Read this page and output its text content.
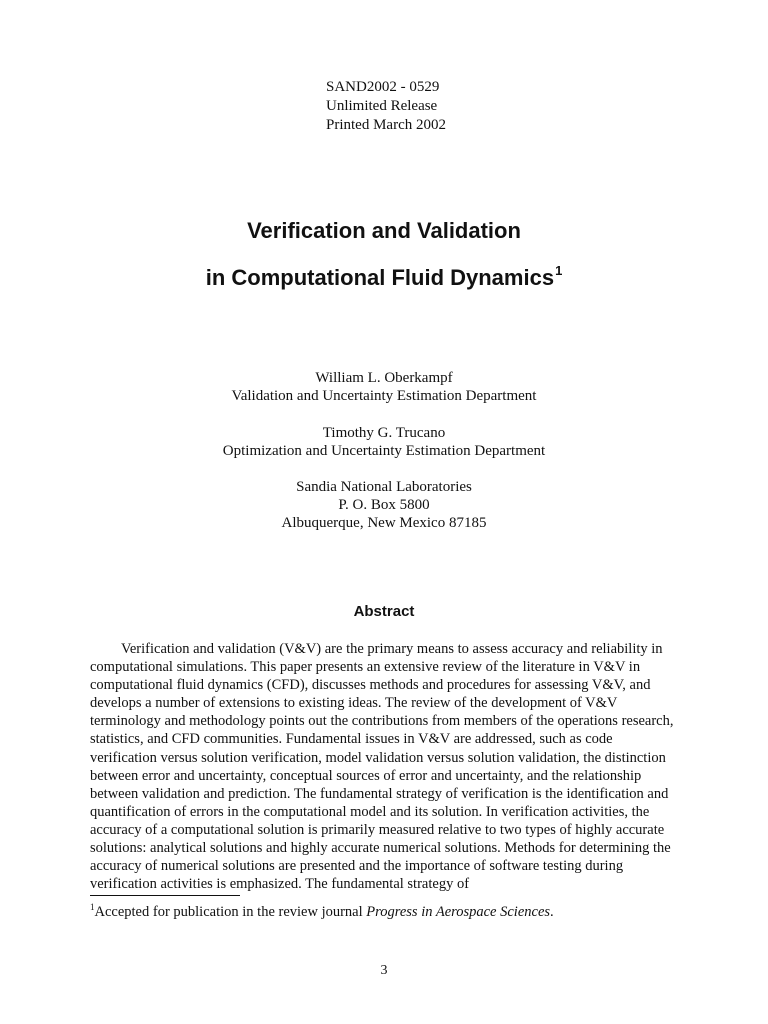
SAND2002 - 0529
Unlimited Release
Printed March 2002
Verification and Validation
in Computational Fluid Dynamics$^1$
William L. Oberkampf
Validation and Uncertainty Estimation Department
Timothy G. Trucano
Optimization and Uncertainty Estimation Department
Sandia National Laboratories
P. O. Box 5800
Albuquerque, New Mexico 87185
Abstract
Verification and validation (V&V) are the primary means to assess accuracy and reliability in
computational simulations. This paper presents an extensive review of the literature in V&V in
computational fluid dynamics (CFD), discusses methods and procedures for assessing V&V, and
develops a number of extensions to existing ideas. The review of the development of V&V
terminology and methodology points out the contributions from members of the operations research,
statistics, and CFD communities. Fundamental issues in V&V are addressed, such as code
verification versus solution verification, model validation versus solution validation, the distinction
between error and uncertainty, conceptual sources of error and uncertainty, and the relationship
between validation and prediction. The fundamental strategy of verification is the identification and
quantification of errors in the computational model and its solution. In verification activities, the
accuracy of a computational solution is primarily measured relative to two types of highly accurate
solutions: analytical solutions and highly accurate numerical solutions. Methods for determining the
accuracy of numerical solutions are presented and the importance of software testing during
verification activities is emphasized. The fundamental strategy of
$^1$Accepted for publication in the review journal Progress in Aerospace Sciences.
3
